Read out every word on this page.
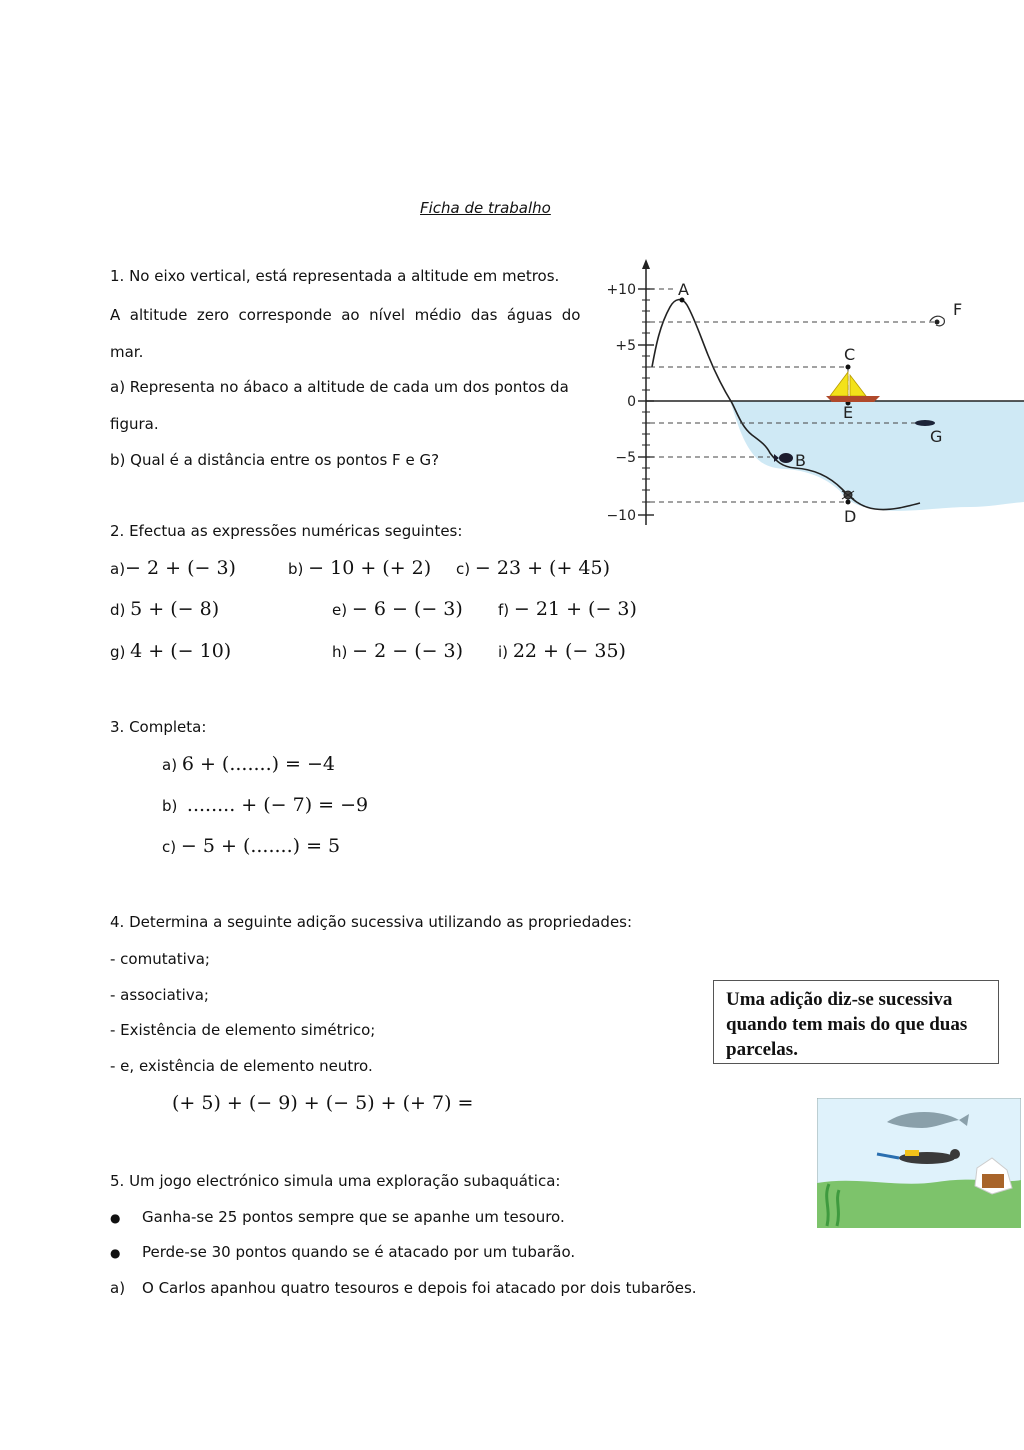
Ficha de trabalho
1. No eixo vertical, está representada a altitude em metros.
A  altitude  zero  corresponde  ao  nível  médio  das  águas  do
mar.
a) Representa no ábaco a altitude de cada um dos pontos da
figura.
b) Qual é a distância entre os pontos F e G?
+10
+5
0
−5
−10
A
B
C
D
E
F
G
2. Efectua as expressões numéricas seguintes:
a)− 2 + (− 3)	b) − 10 + (+ 2) c) − 23 + (+ 45)
d) 5 + (− 8)	e) − 6 − (− 3) f) − 21 + (− 3)
g) 4 + (− 10)	h) − 2 − (− 3) i) 22 + (− 35)
3. Completa:
a) 6 + (.......) = −4
b) ........ + (− 7) = −9
c) − 5 + (.......) = 5
4. Determina a seguinte adição sucessiva utilizando as propriedades:
- comutativa;
- associativa;
- Existência de elemento simétrico;
- e, existência de elemento neutro.
(+ 5) + (− 9) + (− 5) + (+ 7) =
Uma adição diz-se sucessiva quando tem mais do que duas parcelas.
5. Um jogo electrónico simula uma exploração subaquática:
● Ganha-se 25 pontos sempre que se apanhe um tesouro.
● Perde-se 30 pontos quando se é atacado por um tubarão.
a) O Carlos apanhou quatro tesouros e depois foi atacado por dois tubarões.
